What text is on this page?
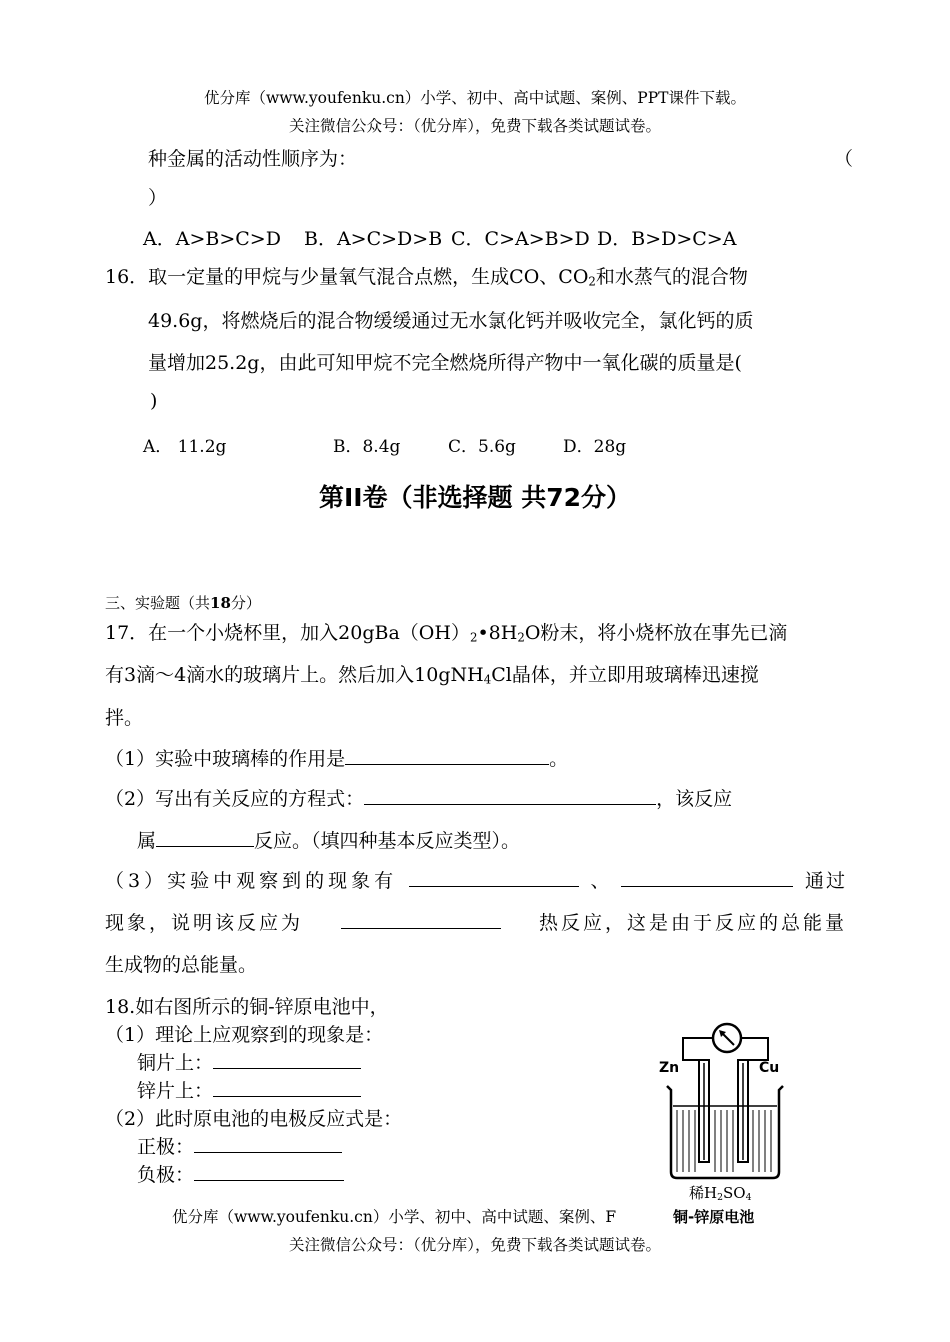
优分库（www.youfenku.cn）小学、初中、高中试题、案例、PPT课件下载。
关注微信公众号：（优分库），免费下载各类试题试卷。
种金属的活动性顺序为：	（
）
A．A>B>C>D B．A>C>D>B C．C>A>B>D D．B>D>C>A
16．取一定量的甲烷与少量氧气混合点燃，生成CO、$CO_2$和水蒸气的混合物
49.6g，将燃烧后的混合物缓缓通过无水氯化钙并吸收完全，氯化钙的质
量增加25.2g，由此可知甲烷不完全燃烧所得产物中一氧化碳的质量是(
)
A． 11.2g	B．8.4g	C．5.6g	D．28g
第II卷（非选择题 共72分）
三、实验题（共18分）
17．在一个小烧杯里，加入$20gBa(OH)_2•8H_2O$粉末，将小烧杯放在事先已滴
有3滴～4滴水的玻璃片上。然后加入10gNH$_4$Cl晶体，并立即用玻璃棒迅速搅
拌。
（1）实验中玻璃棒的作用是	。
（2）写出有关反应的方程式：	，该反应
属	反应。（填四种基本反应类型）。
（3）实验中观察到的现象有	、	通过
现象，说明该反应为	热反应，这是由于反应的总能量
生成物的总能量。
18.如右图所示的铜-锌原电池中，
（1）理论上应观察到的现象是：
铜片上：
锌片上：
（2）此时原电池的电极反应式是：
正极：
负极：
Zn	Cu
稀$H_2SO_4$
铜-锌原电池
优分库（www.youfenku.cn）小学、初中、高中试题、案例、F
关注微信公众号：（优分库），免费下载各类试题试卷。
